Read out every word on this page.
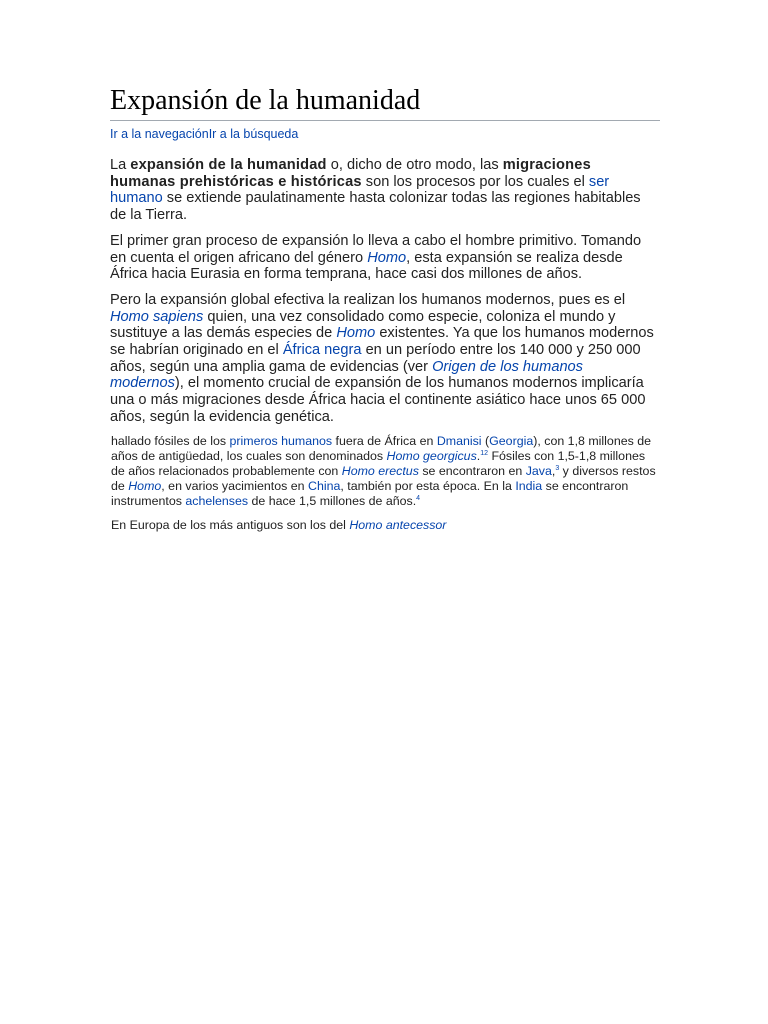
Expansión de la humanidad
Ir a la navegaciónIr a la búsqueda

La expansión de la humanidad o, dicho de otro modo, las migraciones humanas prehistóricas e históricas son los procesos por los cuales el ser humano se extiende paulatinamente hasta colonizar todas las regiones habitables de la Tierra.

El primer gran proceso de expansión lo lleva a cabo el hombre primitivo. Tomando en cuenta el origen africano del género Homo, esta expansión se realiza desde África hacia Eurasia en forma temprana, hace casi dos millones de años.

Pero la expansión global efectiva la realizan los humanos modernos, pues es el Homo sapiens quien, una vez consolidado como especie, coloniza el mundo y sustituye a las demás especies de Homo existentes. Ya que los humanos modernos se habrían originado en el África negra en un período entre los 140 000 y 250 000 años, según una amplia gama de evidencias (ver Origen de los humanos modernos), el momento crucial de expansión de los humanos modernos implicaría una o más migraciones desde África hacia el continente asiático hace unos 65 000 años, según la evidencia genética.

hallado fósiles de los primeros humanos fuera de África en Dmanisi (Georgia), con 1,8 millones de años de antigüedad, los cuales son denominados Homo georgicus.$^{12}$ Fósiles con 1,5-1,8 millones de años relacionados probablemente con Homo erectus se encontraron en Java,$^3$ y diversos restos de Homo, en varios yacimientos en China, también por esta época. En la India se encontraron instrumentos achelenses de hace 1,5 millones de años.$^4$

En Europa de los más antiguos son los del Homo antecessor
